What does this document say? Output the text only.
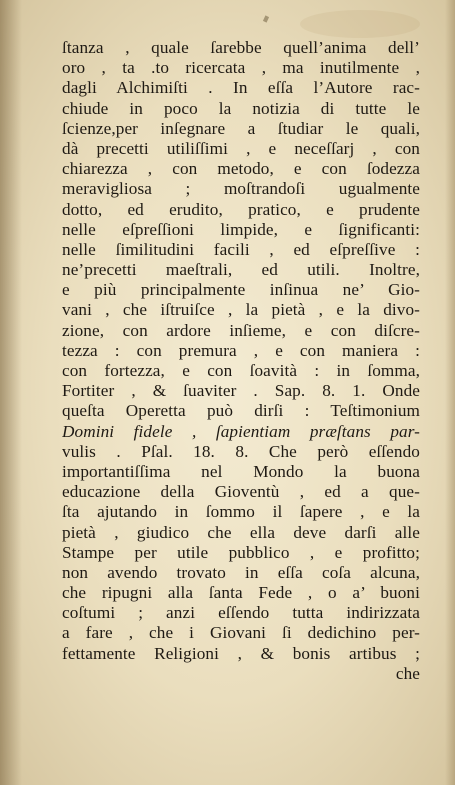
ſtanza , quale ſarebbe quell’anima dell’
oro , ta .to ricercata , ma inutilmente ,
dagli Alchimiſti . In eſſa l’Autore rac-
chiude in poco la notizia di tutte le
ſcienze,per inſegnare a ſtudiar le quali,
dà precetti utiliſſimi , e neceſſarj , con
chiarezza , con metodo, e con ſodezza
meravigliosa ; moſtrandoſi ugualmente
dotto, ed erudito, pratico, e prudente
nelle eſpreſſioni limpide, e ſignificanti:
nelle ſimilitudini facili , ed eſpreſſive :
ne’precetti maeſtrali, ed utili. Inoltre,
e più principalmente inſinua ne’ Gio-
vani , che iſtruiſce , la pietà , e la divo-
zione, con ardore inſieme, e con diſcre-
tezza : con premura , e con maniera :
con fortezza, e con ſoavità : in ſomma,
Fortiter , & ſuaviter . Sap. 8. 1. Onde
queſta Operetta può dirſi : Teſtimonium
Domini fidele , ſapientiam præſtans par-
vulis . Pſal. 18. 8. Che però eſſendo
importantiſſima nel Mondo la buona
educazione della Gioventù , ed a que-
ſta ajutando in ſommo il ſapere , e la
pietà , giudico che ella deve darſi alle
Stampe per utile pubblico , e profitto;
non avendo trovato in eſſa coſa alcuna,
che ripugni alla ſanta Fede , o a’ buoni
coſtumi ; anzi eſſendo tutta indirizzata
a fare , che i Giovani ſi dedichino per-
fettamente Religioni , & bonis artibus ;
che
